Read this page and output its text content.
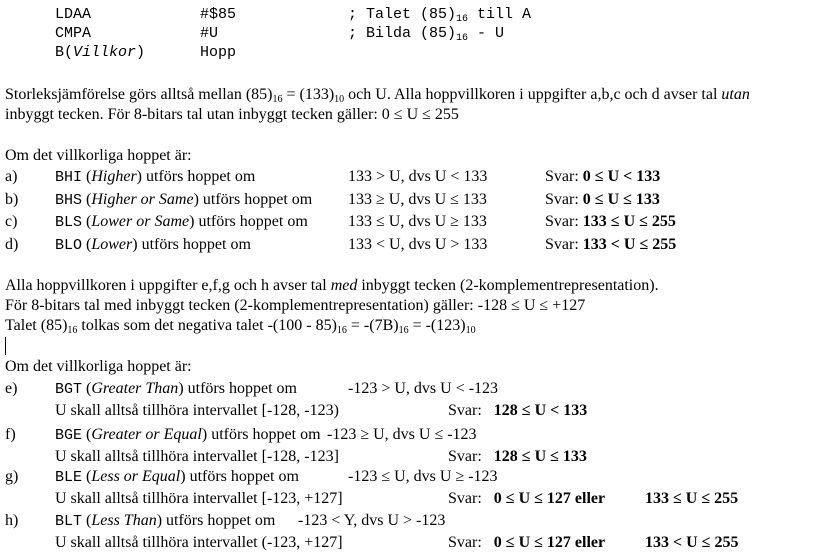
LDAA	#$85	; Talet $(85)_{16}$ till A
CMPA	#U	; Bilda $(85)_{16}$ - U
B(Villkor)	Hopp
Storleksjämförelse görs alltså mellan $(85)_{16} = (133)_{10}$ och U. Alla hoppvillkoren i uppgifter a,b,c och d avser tal utan
inbyggt tecken. För 8-bitars tal utan inbyggt tecken gäller: 0 ≤ U ≤ 255
Om det villkorliga hoppet är:
a)	BHI (Higher) utförs hoppet om	133 > U, dvs U < 133	Svar: 0 ≤ U < 133
b) BHS (Higher or Same) utförs hoppet om 133 ≥ U, dvs U ≤ 133	Svar: 0 ≤ U ≤ 133
c)	BLS (Lower or Same) utförs hoppet om	133 ≤ U, dvs U ≥ 133	Svar: 133 ≤ U ≤ 255
d) BLO (Lower) utförs hoppet om	133 < U, dvs U > 133	Svar: 133 < U ≤ 255
Alla hoppvillkoren i uppgifter e,f,g och h avser tal med inbyggt tecken (2-komplementrepresentation).
För 8-bitars tal med inbyggt tecken (2-komplementrepresentation) gäller: -128 ≤ U ≤ +127
Talet $(85)_{16}$ tolkas som det negativa talet $-(100 - 85)_{16} = -(7B)_{16} = -(123)_{10}$
Om det villkorliga hoppet är:
e)	BGT (Greater Than) utförs hoppet om	-123 > U, dvs U < -123
U skall alltså tillhöra intervallet [-128, -123)	Svar: 128 ≤ U < 133
f)	BGE (Greater or Equal) utförs hoppet om -123 ≥ U, dvs U ≤ -123
U skall alltså tillhöra intervallet [-128, -123]	Svar: 128 ≤ U ≤ 133
g) BLE (Less or Equal) utförs hoppet om	-123 ≤ U, dvs U ≥ -123
U skall alltså tillhöra intervallet [-123, +127]	Svar: 0 ≤ U ≤ 127 eller 133 ≤ U ≤ 255
h) BLT (Less Than) utförs hoppet om -123 < Y, dvs U > -123
U skall alltså tillhöra intervallet (-123, +127]	Svar: 0 ≤ U ≤ 127 eller 133 < U ≤ 255
